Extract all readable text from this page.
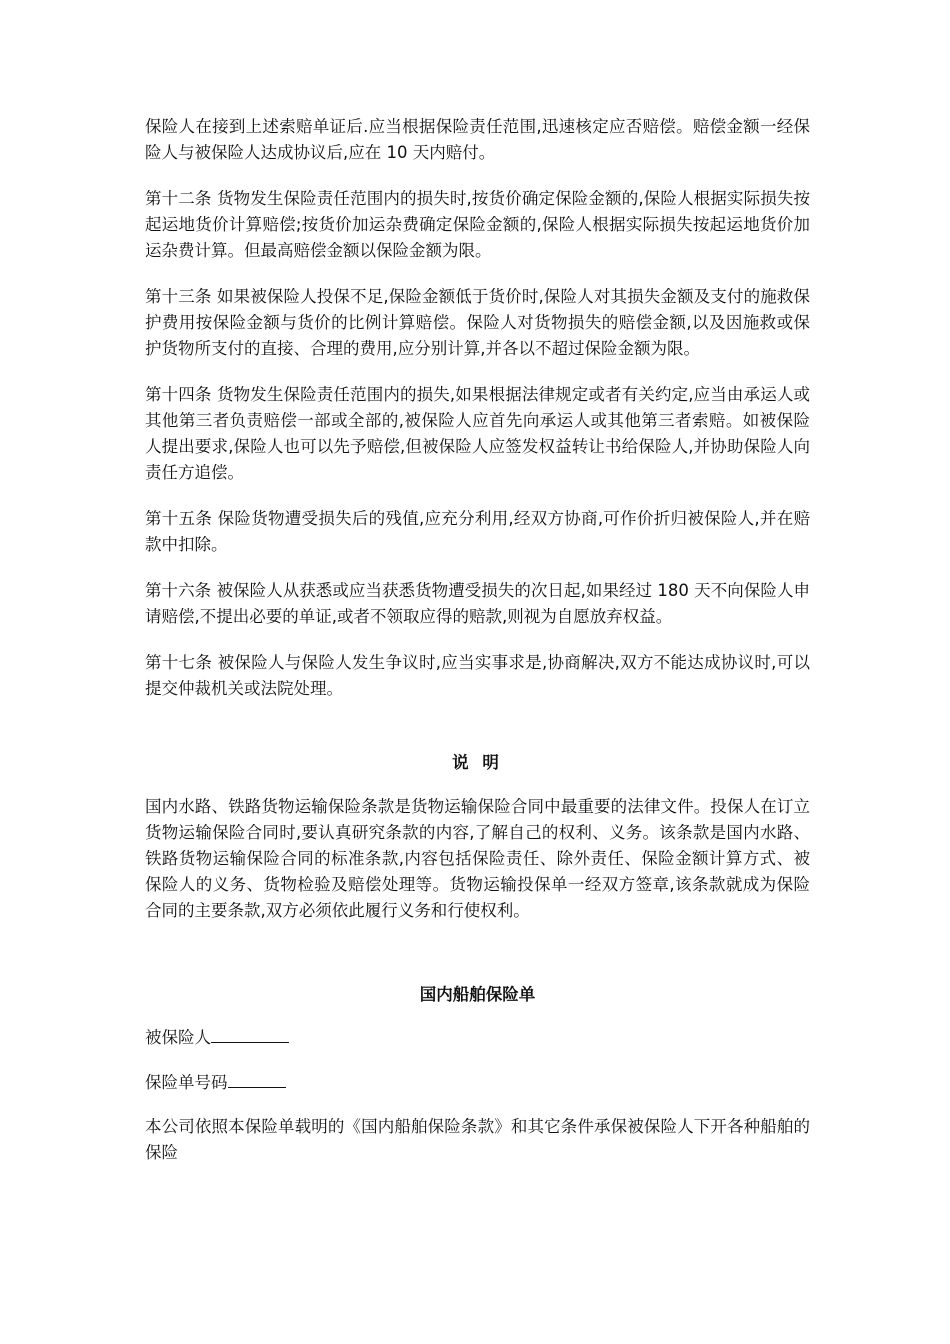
保险人在接到上述索赔单证后.应当根据保险责任范围,迅速核定应否赔偿。赔偿金额一经保险人与被保险人达成协议后,应在 10 天内赔付。

第十二条 货物发生保险责任范围内的损失时,按货价确定保险金额的,保险人根据实际损失按起运地货价计算赔偿;按货价加运杂费确定保险金额的,保险人根据实际损失按起运地货价加运杂费计算。但最高赔偿金额以保险金额为限。

第十三条 如果被保险人投保不足,保险金额低于货价时,保险人对其损失金额及支付的施救保护费用按保险金额与货价的比例计算赔偿。保险人对货物损失的赔偿金额,以及因施救或保护货物所支付的直接、合理的费用,应分别计算,并各以不超过保险金额为限。

第十四条 货物发生保险责任范围内的损失,如果根据法律规定或者有关约定,应当由承运人或其他第三者负责赔偿一部或全部的,被保险人应首先向承运人或其他第三者索赔。如被保险人提出要求,保险人也可以先予赔偿,但被保险人应签发权益转让书给保险人,并协助保险人向责任方追偿。

第十五条 保险货物遭受损失后的残值,应充分利用,经双方协商,可作价折归被保险人,并在赔款中扣除。

第十六条 被保险人从获悉或应当获悉货物遭受损失的次日起,如果经过 180 天不向保险人申请赔偿,不提出必要的单证,或者不领取应得的赔款,则视为自愿放弃权益。

第十七条 被保险人与保险人发生争议时,应当实事求是,协商解决,双方不能达成协议时,可以提交仲裁机关或法院处理。

说 明

国内水路、铁路货物运输保险条款是货物运输保险合同中最重要的法律文件。投保人在订立货物运输保险合同时,要认真研究条款的内容,了解自己的权利、义务。该条款是国内水路、铁路货物运输保险合同的标准条款,内容包括保险责任、除外责任、保险金额计算方式、被保险人的义务、货物检验及赔偿处理等。货物运输投保单一经双方签章,该条款就成为保险合同的主要条款,双方必须依此履行义务和行使权利。

国内船舶保险单

被保险人

保险单号码

本公司依照本保险单载明的《国内船舶保险条款》和其它条件承保被保险人下开各种船舶的保险
